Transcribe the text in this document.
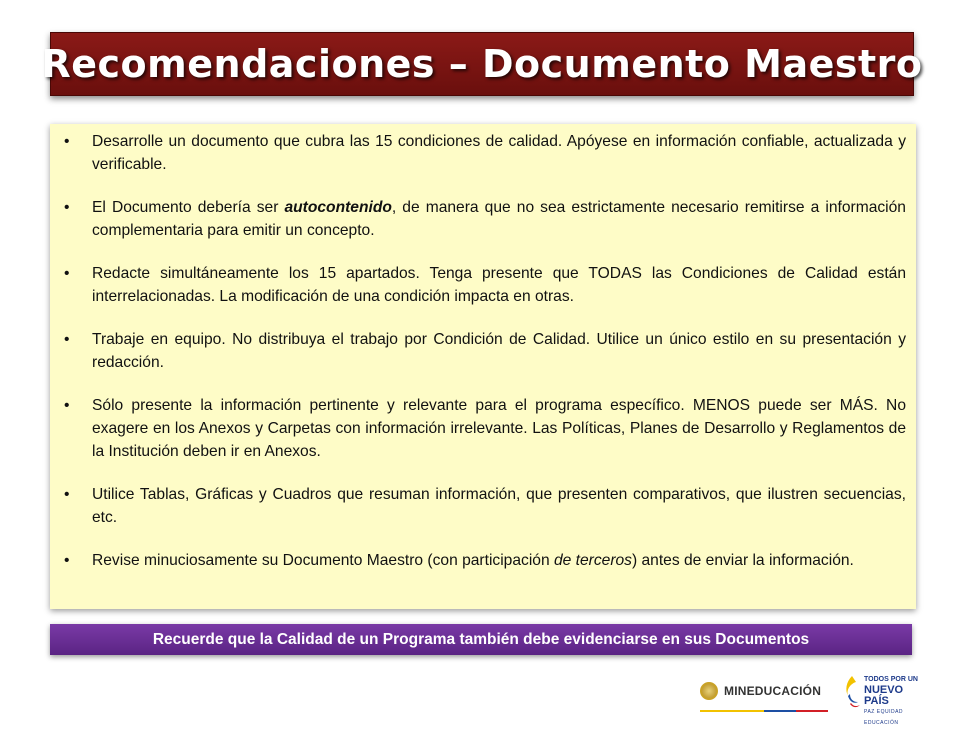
Recomendaciones – Documento Maestro
•	Desarrolle un documento que cubra las 15 condiciones de calidad. Apóyese en información confiable, actualizada y verificable.
•	El Documento debería ser autocontenido, de manera que no sea estrictamente necesario remitirse a información complementaria para emitir un concepto.
•	Redacte simultáneamente los 15 apartados. Tenga presente que TODAS las Condiciones de Calidad están interrelacionadas. La modificación de una condición impacta en otras.
•	Trabaje en equipo. No distribuya el trabajo por Condición de Calidad. Utilice un único estilo en su presentación y redacción.
•	Sólo presente la información pertinente y relevante para el programa específico. MENOS puede ser MÁS. No exagere en los Anexos y Carpetas con información irrelevante. Las Políticas, Planes de Desarrollo y Reglamentos de la Institución deben ir en Anexos.
•	Utilice Tablas, Gráficas y Cuadros que resuman información, que presenten comparativos, que ilustren secuencias, etc.
•	Revise minuciosamente su Documento Maestro (con participación de terceros) antes de enviar la información.
Recuerde que la Calidad de un Programa también debe evidenciarse en sus Documentos
MINEDUCACIÓN
TODOS POR UN
NUEVO PAÍS
PAZ EQUIDAD EDUCACIÓN
